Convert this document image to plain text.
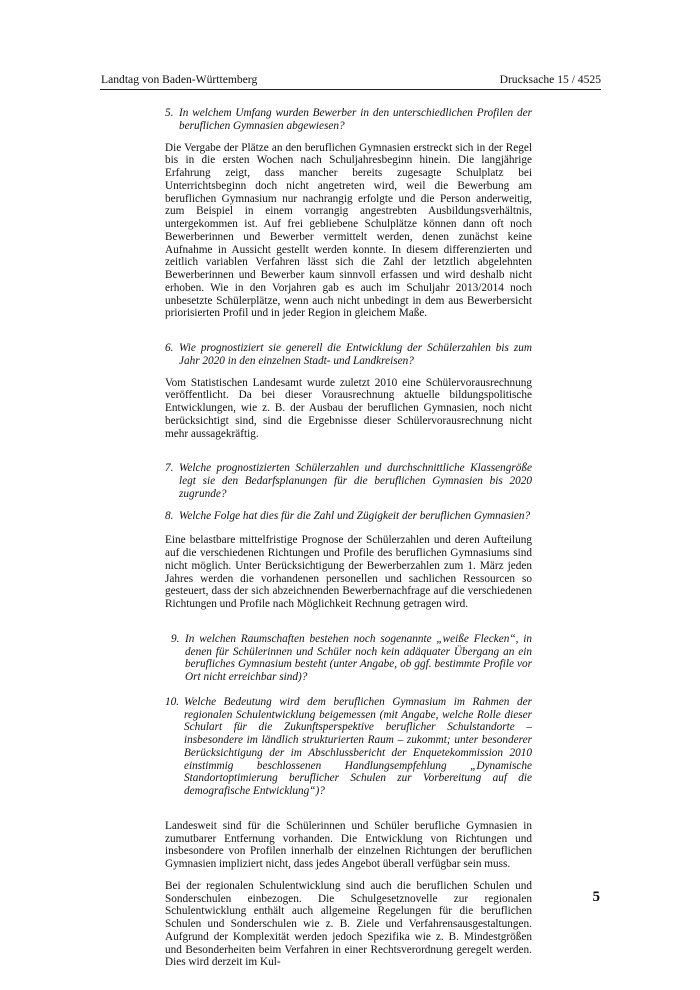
Landtag von Baden-Württemberg	Drucksache 15 / 4525
5. In welchem Umfang wurden Bewerber in den unterschiedlichen Profilen der beruflichen Gymnasien abgewiesen?

Die Vergabe der Plätze an den beruflichen Gymnasien erstreckt sich in der Regel bis in die ersten Wochen nach Schuljahresbeginn hinein. Die langjährige Erfahrung zeigt, dass mancher bereits zugesagte Schulplatz bei Unterrichtsbeginn doch nicht angetreten wird, weil die Bewerbung am beruflichen Gymnasium nur nachrangig erfolgte und die Person anderweitig, zum Beispiel in einem vorrangig angestrebten Ausbildungsverhältnis, untergekommen ist. Auf frei gebliebene Schulplätze können dann oft noch Bewerberinnen und Bewerber vermittelt werden, denen zunächst keine Aufnahme in Aussicht gestellt werden konnte. In diesem differenzierten und zeitlich variablen Verfahren lässt sich die Zahl der letztlich abgelehnten Bewerberinnen und Bewerber kaum sinnvoll erfassen und wird deshalb nicht erhoben. Wie in den Vorjahren gab es auch im Schuljahr 2013/2014 noch unbesetzte Schülerplätze, wenn auch nicht unbedingt in dem aus Bewerbersicht priorisierten Profil und in jeder Region in gleichem Maße.

6. Wie prognostiziert sie generell die Entwicklung der Schülerzahlen bis zum Jahr 2020 in den einzelnen Stadt- und Landkreisen?

Vom Statistischen Landesamt wurde zuletzt 2010 eine Schülervorausrechnung veröffentlicht. Da bei dieser Vorausrechnung aktuelle bildungspolitische Entwicklungen, wie z. B. der Ausbau der beruflichen Gymnasien, noch nicht berücksichtigt sind, sind die Ergebnisse dieser Schülervorausrechnung nicht mehr aussagekräftig.

7. Welche prognostizierten Schülerzahlen und durchschnittliche Klassengröße legt sie den Bedarfsplanungen für die beruflichen Gymnasien bis 2020 zugrunde?
8. Welche Folge hat dies für die Zahl und Zügigkeit der beruflichen Gymnasien?

Eine belastbare mittelfristige Prognose der Schülerzahlen und deren Aufteilung auf die verschiedenen Richtungen und Profile des beruflichen Gymnasiums sind nicht möglich. Unter Berücksichtigung der Bewerberzahlen zum 1. März jeden Jahres werden die vorhandenen personellen und sachlichen Ressourcen so gesteuert, dass der sich abzeichnenden Bewerbernachfrage auf die verschiedenen Richtungen und Profile nach Möglichkeit Rechnung getragen wird.

9. In welchen Raumschaften bestehen noch sogenannte „weiße Flecken“, in denen für Schülerinnen und Schüler noch kein adäquater Übergang an ein berufliches Gymnasium besteht (unter Angabe, ob ggf. bestimmte Profile vor Ort nicht erreichbar sind)?
10. Welche Bedeutung wird dem beruflichen Gymnasium im Rahmen der regionalen Schulentwicklung beigemessen (mit Angabe, welche Rolle dieser Schulart für die Zukunftsperspektive beruflicher Schulstandorte – insbesondere im ländlich strukturierten Raum – zukommt; unter besonderer Berücksichtigung der im Abschlussbericht der Enquetekommission 2010 einstimmig beschlossenen Handlungsempfehlung „Dynamische Standortoptimierung beruflicher Schulen zur Vorbereitung auf die demografische Entwicklung“)?

Landesweit sind für die Schülerinnen und Schüler berufliche Gymnasien in zumutbarer Entfernung vorhanden. Die Entwicklung von Richtungen und insbesondere von Profilen innerhalb der einzelnen Richtungen der beruflichen Gymnasien impliziert nicht, dass jedes Angebot überall verfügbar sein muss.

Bei der regionalen Schulentwicklung sind auch die beruflichen Schulen und Sonderschulen einbezogen. Die Schulgesetznovelle zur regionalen Schulentwicklung enthält auch allgemeine Regelungen für die beruflichen Schulen und Sonderschulen wie z. B. Ziele und Verfahrensausgestaltungen. Aufgrund der Komplexität werden jedoch Spezifika wie z. B. Mindestgrößen und Besonderheiten beim Verfahren in einer Rechtsverordnung geregelt werden. Dies wird derzeit im Kul-

5
